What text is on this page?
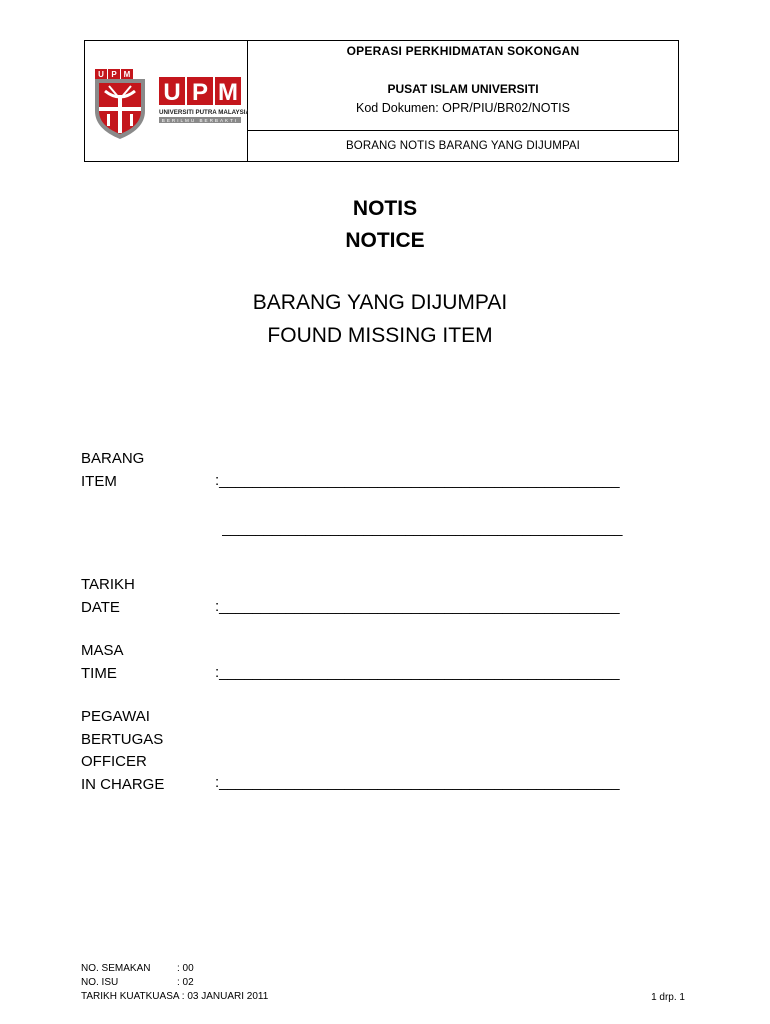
U P M
U P M
UNIVERSITI PUTRA MALAYSIA
BERILMU BERBAKTI
OPERASI PERKHIDMATAN SOKONGAN
PUSAT ISLAM UNIVERSITI
Kod Dokumen: OPR/PIU/BR02/NOTIS
BORANG NOTIS BARANG YANG DIJUMPAI
NOTIS
NOTICE
BARANG YANG DIJUMPAI
FOUND MISSING ITEM
BARANG
ITEM	:________________________________________________
________________________________________________
TARIKH
DATE	:________________________________________________
MASA
TIME	:________________________________________________
PEGAWAI
BERTUGAS
OFFICER
IN CHARGE	:________________________________________________
NO. SEMAKAN	: 00
NO. ISU	: 02
TARIKH KUATKUASA : 03 JANUARI 2011	1 drp. 1
